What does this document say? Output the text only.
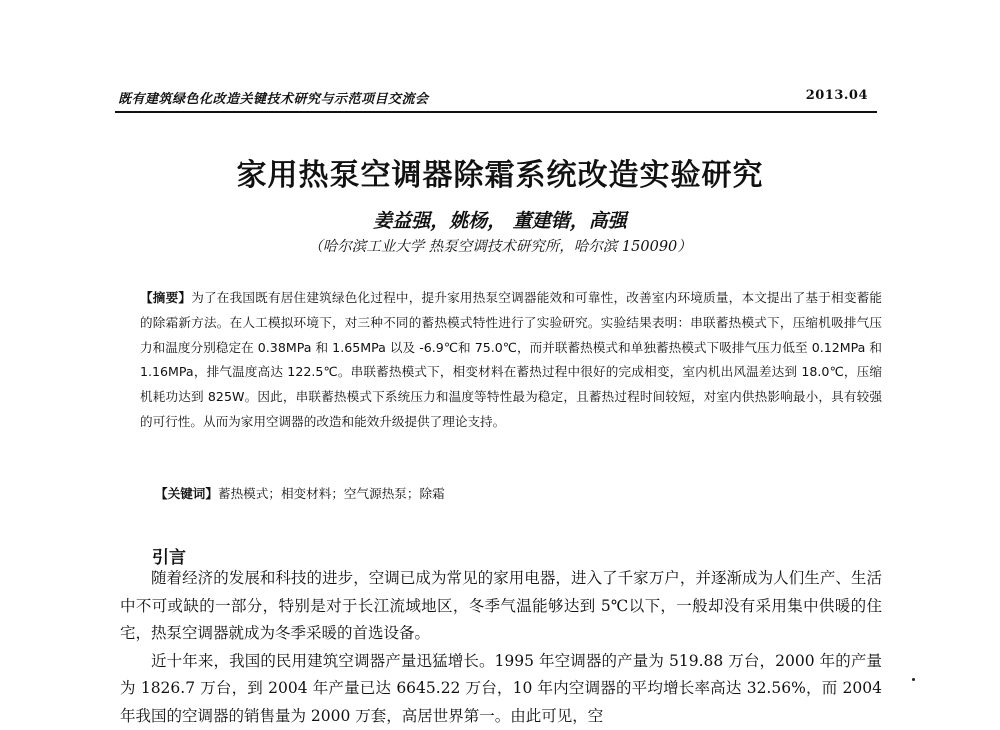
既有建筑绿色化改造关键技术研究与示范项目交流会	2013.04
家用热泵空调器除霜系统改造实验研究
姜益强，姚杨， 董建锴，高强
（哈尔滨工业大学 热泵空调技术研究所，哈尔滨 150090）
【摘要】为了在我国既有居住建筑绿色化过程中，提升家用热泵空调器能效和可靠性，改善室内环境质量，本文提出了基于相变蓄能的除霜新方法。在人工模拟环境下，对三种不同的蓄热模式特性进行了实验研究。实验结果表明：串联蓄热模式下，压缩机吸排气压力和温度分别稳定在 0.38MPa 和 1.65MPa 以及 -6.9℃和 75.0℃，而并联蓄热模式和单独蓄热模式下吸排气压力低至 0.12MPa 和 1.16MPa，排气温度高达 122.5℃。串联蓄热模式下，相变材料在蓄热过程中很好的完成相变，室内机出风温差达到 18.0℃，压缩机耗功达到 825W。因此，串联蓄热模式下系统压力和温度等特性最为稳定，且蓄热过程时间较短，对室内供热影响最小，具有较强的可行性。从而为家用空调器的改造和能效升级提供了理论支持。
【关键词】蓄热模式；相变材料；空气源热泵；除霜
引言

随着经济的发展和科技的进步，空调已成为常见的家用电器，进入了千家万户，并逐渐成为人们生产、生活中不可或缺的一部分，特别是对于长江流域地区，冬季气温能够达到 5℃以下，一般却没有采用集中供暖的住宅，热泵空调器就成为冬季采暖的首选设备。

近十年来，我国的民用建筑空调器产量迅猛增长。1995 年空调器的产量为 519.88 万台，2000 年的产量为 1826.7 万台，到 2004 年产量已达 6645.22 万台，10 年内空调器的平均增长率高达 32.56%，而 2004 年我国的空调器的销售量为 2000 万套，高居世界第一。由此可见，空
